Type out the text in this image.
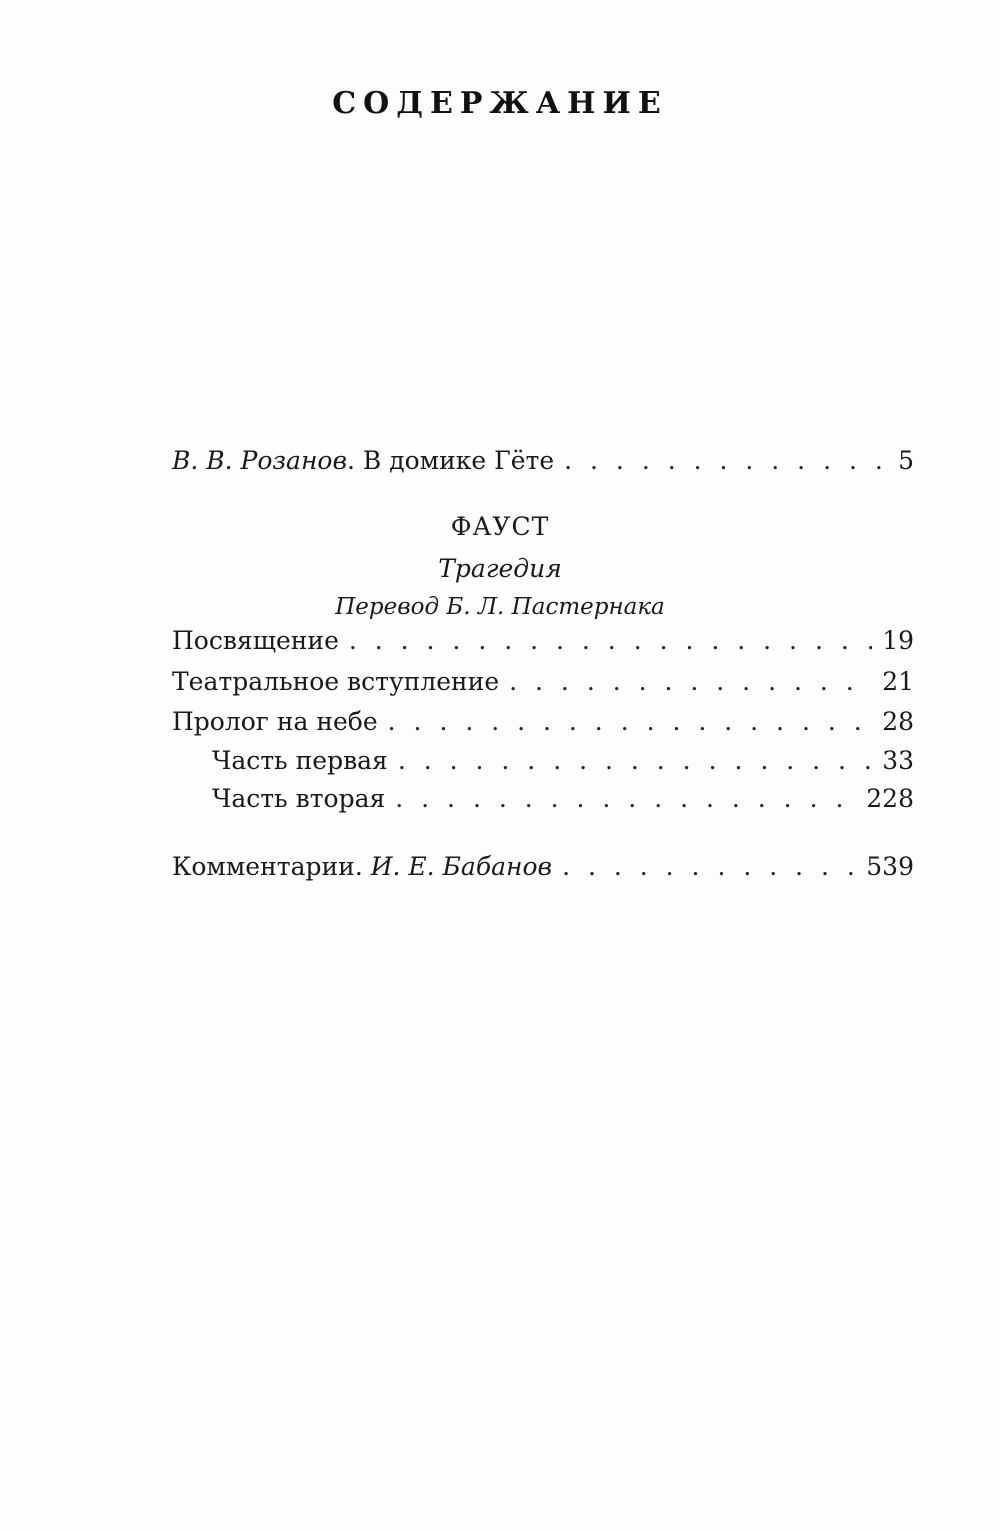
СОДЕРЖАНИЕ
В. В. Розанов. В домике Гёте . . .	5
ФАУСТ
Трагедия
Перевод Б. Л. Пастернака
Посвящение . . .	19
Театральное вступление . . .	21
Пролог на небе . . .	28
Часть первая . . .	33
Часть вторая . . .	228
Комментарии. И. Е. Бабанов . . .	539
